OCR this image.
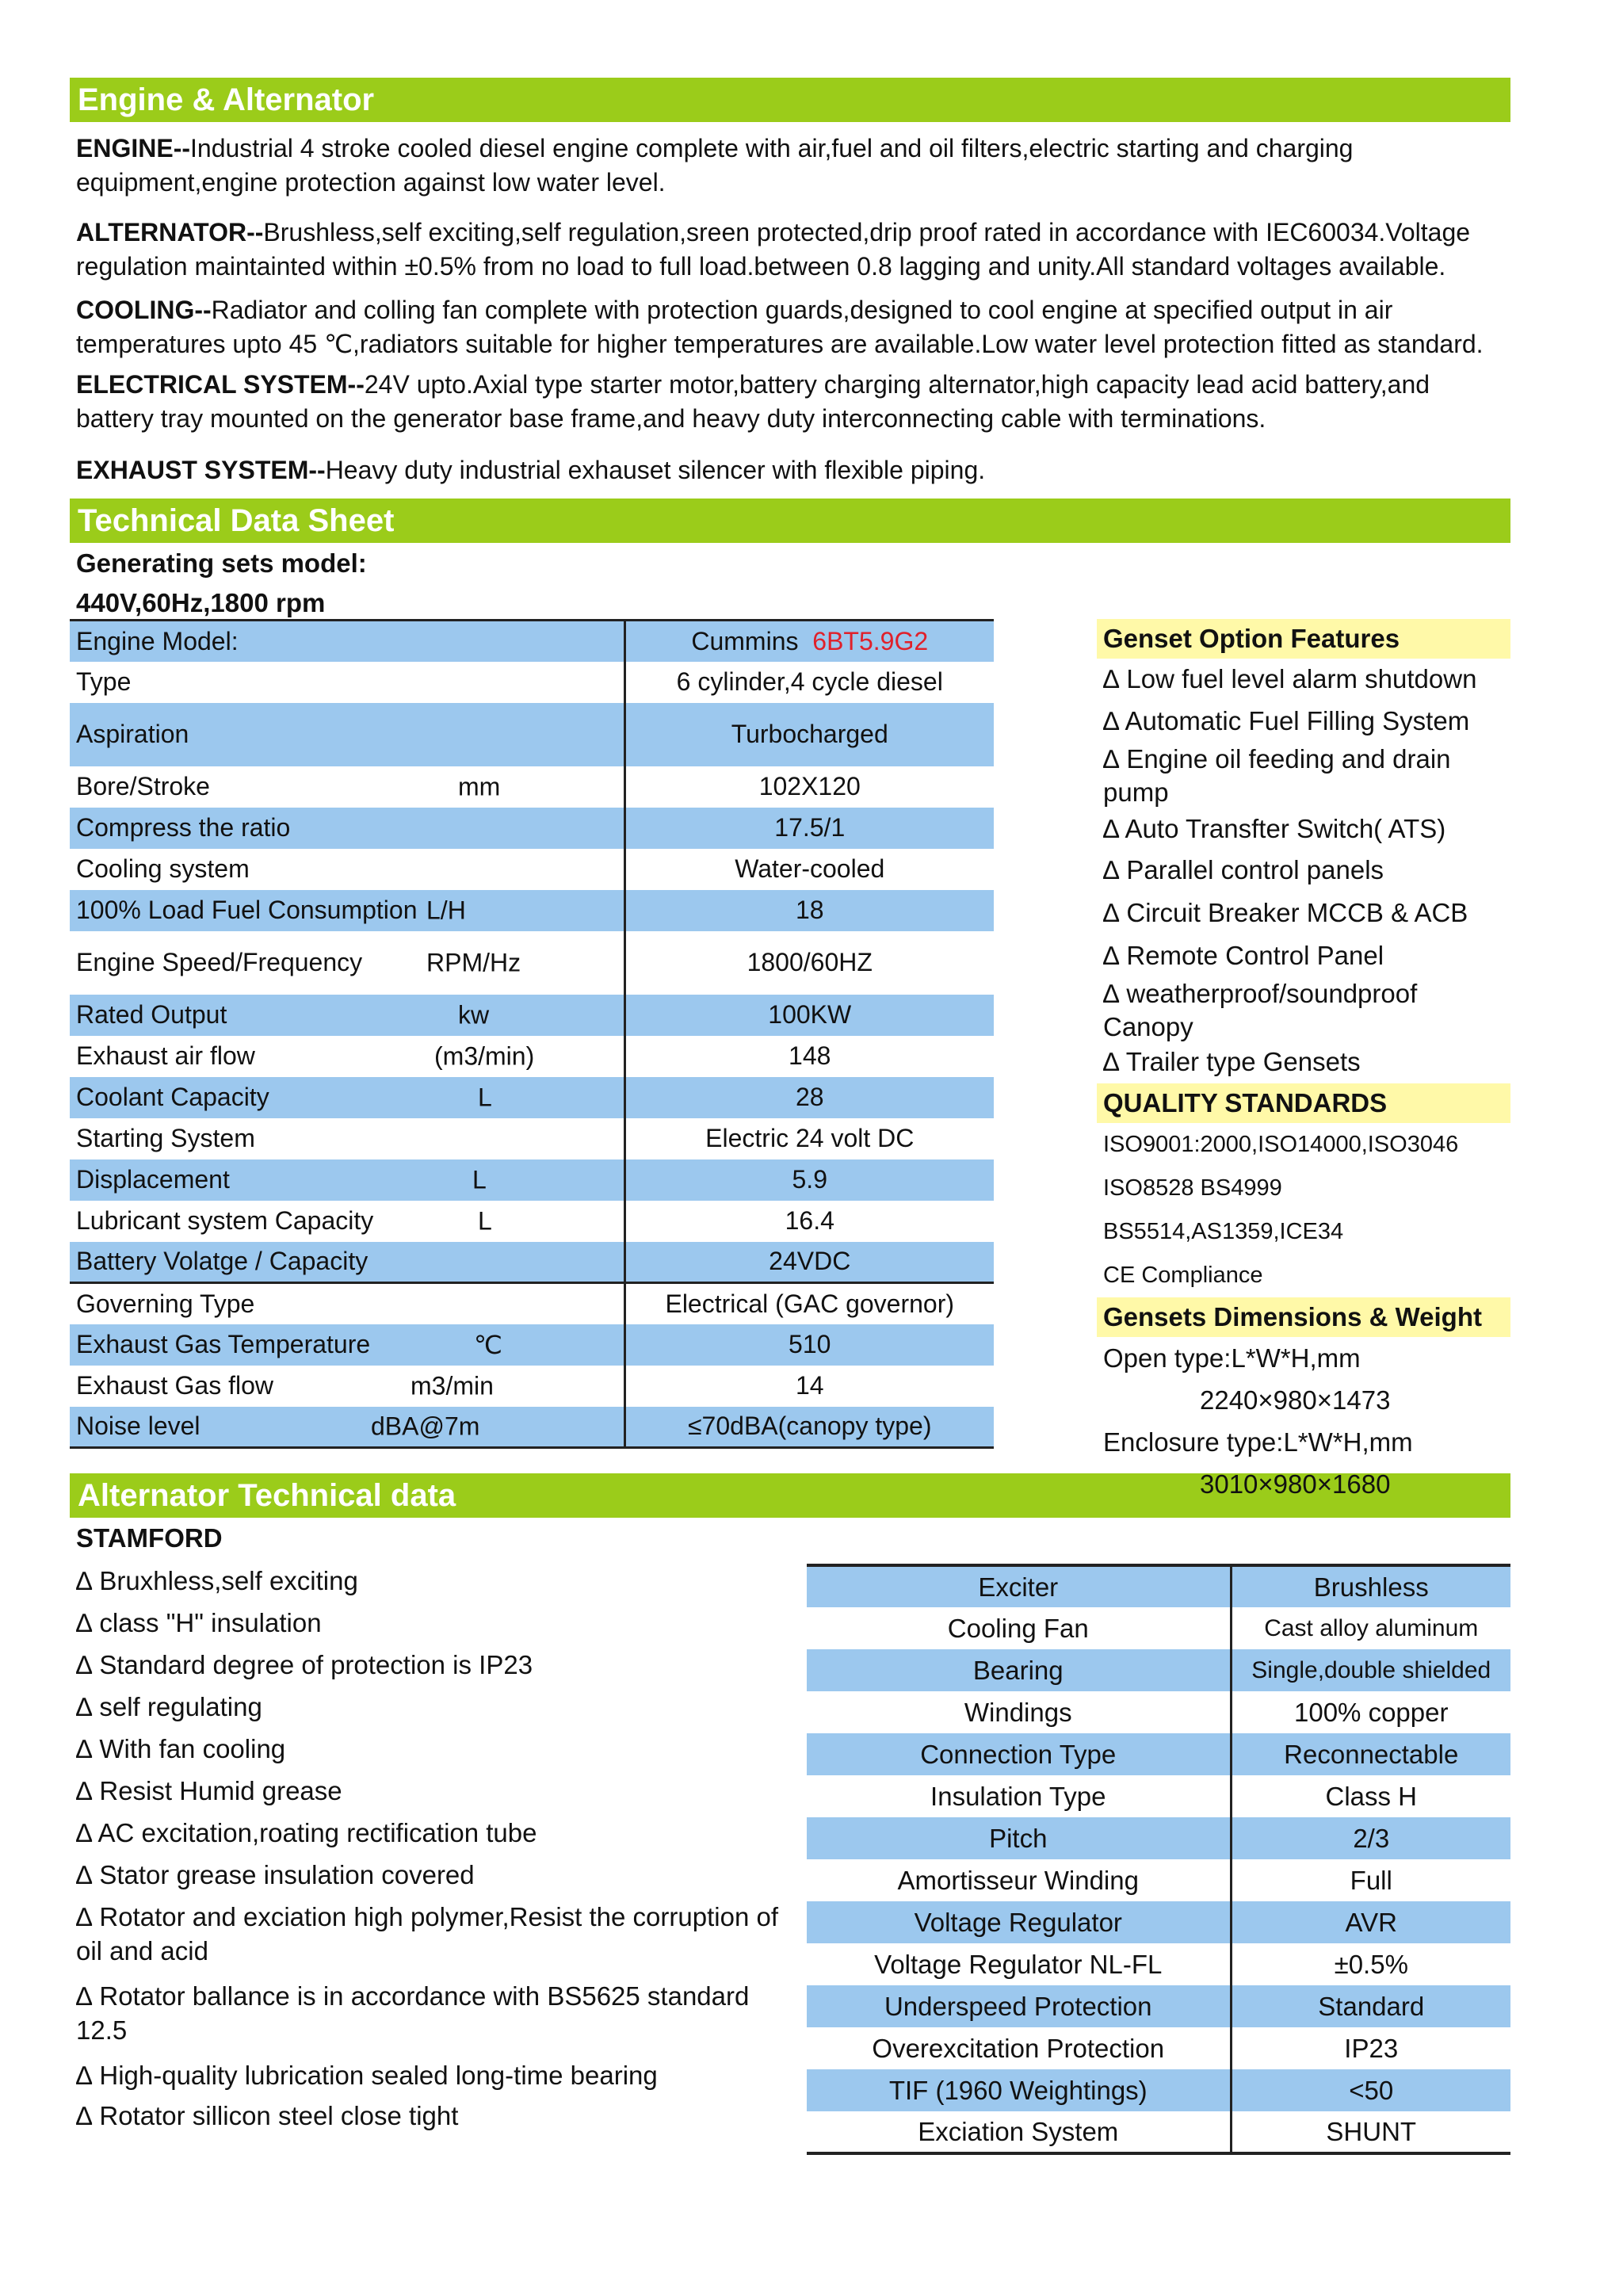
Engine & Alternator

ENGINE--Industrial 4 stroke cooled diesel engine complete with air,fuel and oil filters,electric starting and charging equipment,engine protection against low water level.

ALTERNATOR--Brushless,self exciting,self regulation,sreen protected,drip proof rated in accordance with IEC60034.Voltage regulation maintainted within ±0.5% from no load to full load.between 0.8 lagging and unity.All standard voltages available.

COOLING--Radiator and colling fan complete with protection guards,designed to cool engine at specified output in air temperatures upto 45 ℃,radiators suitable for higher temperatures are available.Low water level protection fitted as standard.

ELECTRICAL SYSTEM--24V upto.Axial type starter motor,battery charging alternator,high capacity lead acid battery,and battery tray mounted on the generator base frame,and heavy duty interconnecting cable with terminations.

EXHAUST SYSTEM--Heavy duty industrial exhauset silencer with flexible piping.

Technical Data Sheet
Generating sets model:
440V,60Hz,1800 rpm
Engine Model:	Cummins 6BT5.9G2
Type	6 cylinder,4 cycle diesel
Aspiration	Turbocharged
Bore/Stroke mm	102X120
Compress the ratio	17.5/1
Cooling system	Water-cooled
100% Load Fuel Consumption L/H	18
Engine Speed/Frequency RPM/Hz	1800/60HZ
Rated Output kw	100KW
Exhaust air flow (m3/min)	148
Coolant Capacity L	28
Starting System	Electric 24 volt DC
Displacement L	5.9
Lubricant system Capacity L	16.4
Battery Volatge / Capacity	24VDC
Governing Type	Electrical (GAC governor)
Exhaust Gas Temperature ℃	510
Exhaust Gas flow m3/min	14
Noise level dBA@7m	≤70dBA(canopy type)
Genset Option Features
∆ Low fuel level alarm shutdown
∆ Automatic Fuel Filling System
∆ Engine oil feeding and drain pump
∆ Auto Transfter Switch( ATS)
∆ Parallel control panels
∆ Circuit Breaker MCCB & ACB
∆ Remote Control Panel
∆ weatherproof/soundproof Canopy
∆ Trailer type Gensets
QUALITY STANDARDS
ISO9001:2000,ISO14000,ISO3046
ISO8528 BS4999
BS5514,AS1359,ICE34
CE Compliance
Gensets Dimensions & Weight
Open type:L*W*H,mm
2240×980×1473
Enclosure type:L*W*H,mm
3010×980×1680
Alternator Technical data
STAMFORD
∆ Bruxhless,self exciting
∆ class "H" insulation
∆ Standard degree of protection is IP23
∆ self regulating
∆ With fan cooling
∆ Resist Humid grease
∆ AC excitation,roating rectification tube
∆ Stator grease insulation covered
∆ Rotator and exciation high polymer,Resist the corruption of oil and acid
∆ Rotator ballance is in accordance with BS5625 standard 12.5
∆ High-quality lubrication sealed long-time bearing
∆ Rotator sillicon steel close tight
Exciter	Brushless
Cooling Fan	Cast alloy aluminum
Bearing	Single,double shielded
Windings	100% copper
Connection Type	Reconnectable
Insulation Type	Class H
Pitch	2/3
Amortisseur Winding	Full
Voltage Regulator	AVR
Voltage Regulator NL-FL	±0.5%
Underspeed Protection	Standard
Overexcitation Protection	IP23
TIF (1960 Weightings)	<50
Exciation System	SHUNT
